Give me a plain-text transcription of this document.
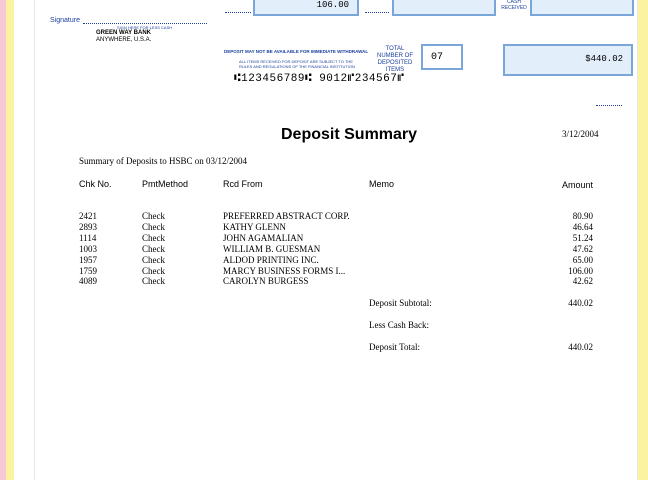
106.00	CASH
RECEIVED
Signature
SIGN HERE FOR LESS CASH
GREEN WAY BANK
ANYWHERE, U.S.A.
DEPOSIT MAY NOT BE AVAILABLE FOR IMMEDIATE WITHDRAWAL
ALL ITEMS RECEIVED FOR DEPOSIT ARE SUBJECT TO THE
RULES AND REGULATIONS OF THE FINANCIAL INSTITUTION
TOTAL
NUMBER OF
DEPOSITED
ITEMS
07	$440.02
⑆123456789⑆ 9012⑈234567⑈
Deposit Summary	3/12/2004
Summary of Deposits to HSBC on 03/12/2004
Chk No.	PmtMethod	Rcd From	Memo	Amount
2421	Check	PREFERRED ABSTRACT CORP.	80.90
2893	Check	KATHY GLENN	46.64
1114	Check	JOHN AGAMALIAN	51.24
1003	Check	WILLIAM B. GUESMAN	47.62
1957	Check	ALDOD PRINTING INC.	65.00
1759	Check	MARCY BUSINESS FORMS I...	106.00
4089	Check	CAROLYN BURGESS	42.62
Deposit Subtotal:	440.02
Less Cash Back:
Deposit Total:	440.02
